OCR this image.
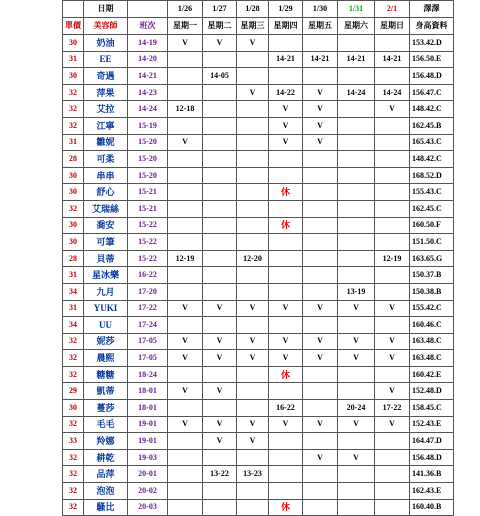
	日期		1/26	1/27	1/28	1/29	1/30	1/31	2/1	澤澤
單價	美容師	班次	星期一	星期二	星期三	星期四	星期五	星期六	星期日	身高資料
30	奶油	14-19	V	V	V					153.42.D
31	EE	14-20				14-21	14-21	14-21	14-21	156.50.E
30	奇遇	14-21		14-05						156.48.D
32	萍果	14-23			V	14-22	V	14-24	14-24	156.47.C
32	艾拉	14-24	12-18			V	V		V	148.42.C
32	江寧	15-19				V	V			162.45.B
31	雛妮	15-20	V			V	V			165.43.C
28	可柔	15-20								148.42.C
30	串串	15-20								168.52.D
30	舒心	15-21				休				155.43.C
32	艾瑞絲	15-21								162.45.C
30	喬安	15-22				休				160.50.F
30	可筆	15-22								151.50.C
28	貝蒂	15-22	12-19		12-20				12-19	163.65.G
31	星冰樂	16-22								150.37.B
34	九月	17-20						13-19		150.38.B
31	YUKI	17-22	V	V	V	V	V	V	V	155.42.C
34	UU	17-24								160.46.C
32	妮莎	17-05	V	V	V	V	V	V	V	163.48.C
32	晨熙	17-05	V	V	V	V	V	V	V	163.48.C
32	糖糖	18-24				休				160.42.E
29	凱蒂	18-01	V	V					V	152.48.D
30	蔓莎	18-01				16-22		20-24	17-22	158.45.C
32	毛毛	19-01	V	V	V	V	V	V	V	152.43.E
33	羚娜	19-01		V	V					164.47.D
32	耕乾	19-03					V	V		156.48.D
32	品萍	20-01		13-22	13-23					141.36.B
32	泡泡	20-02								162.43.E
32	騷比	20-03				休				160.40.B
